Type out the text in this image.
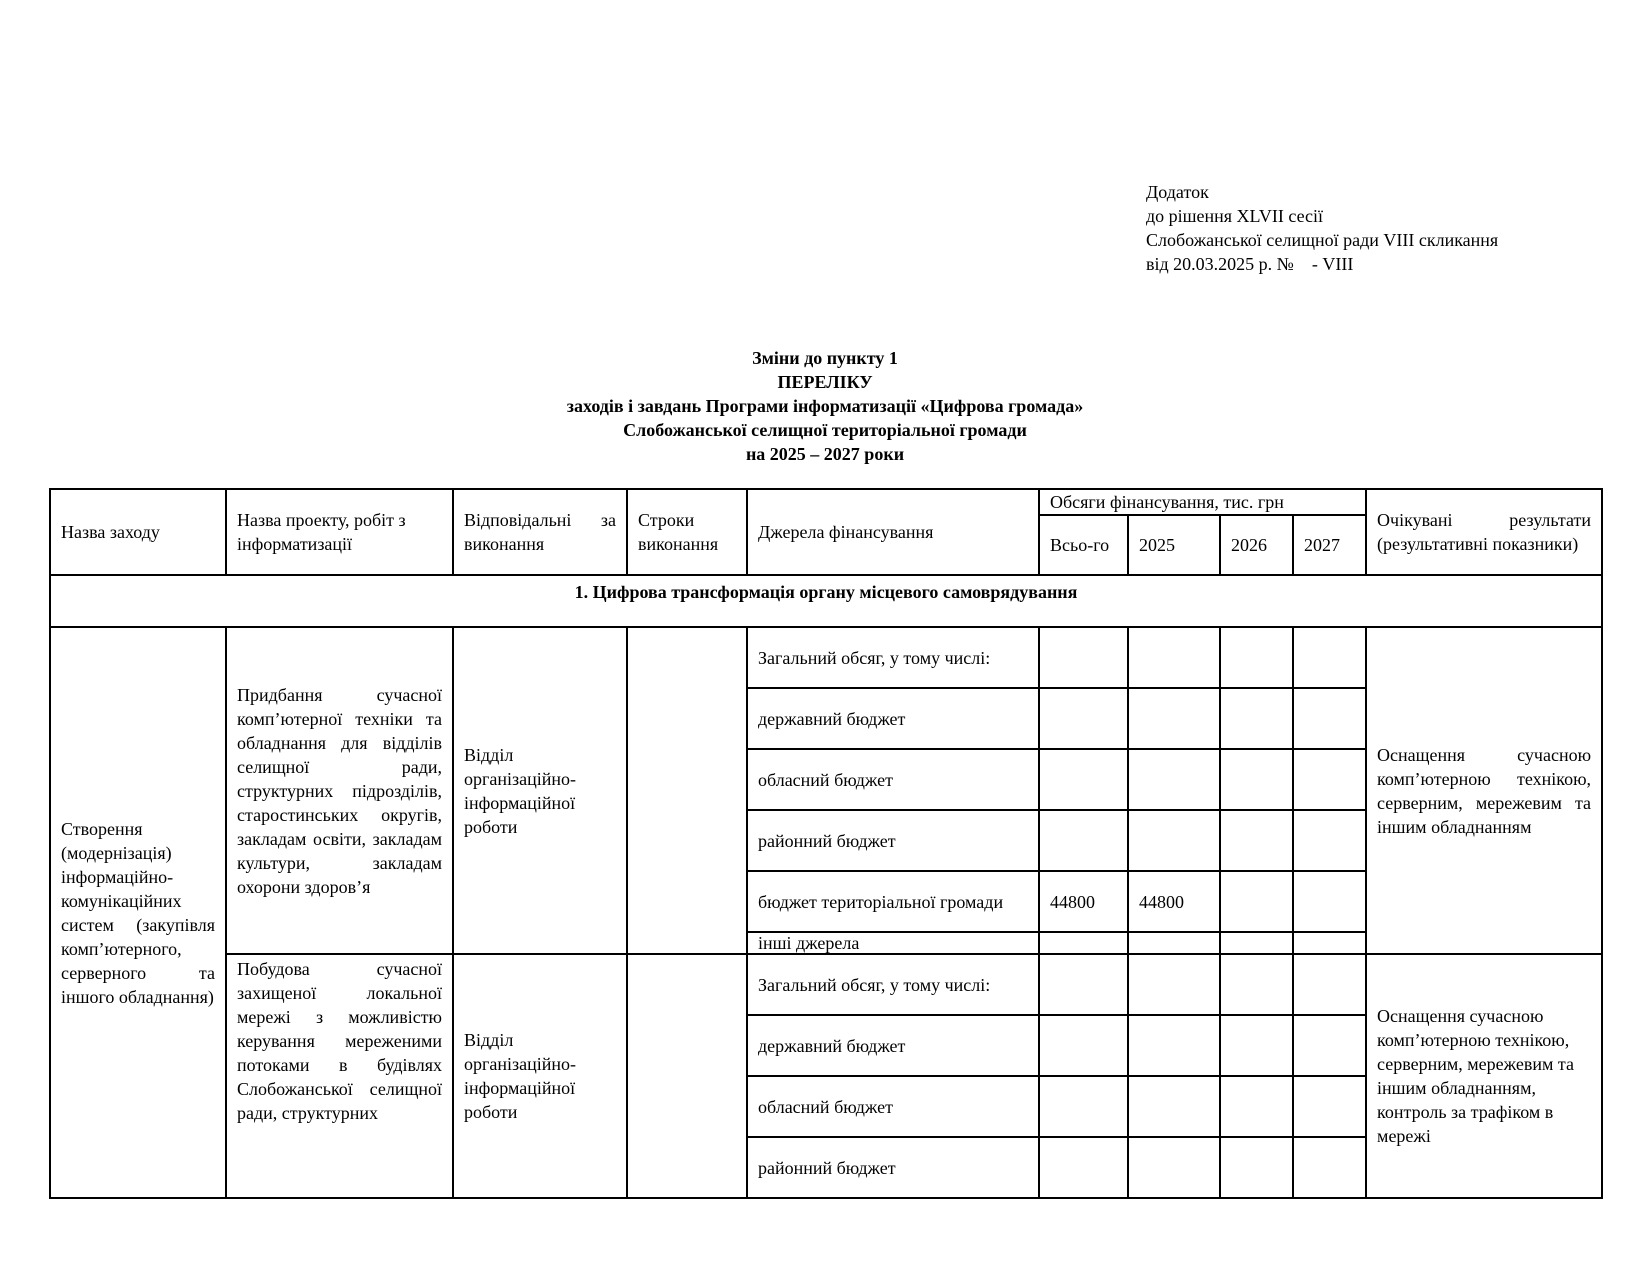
Додаток
до рішення XLVII сесії
Слобожанської селищної ради VIII скликання
від 20.03.2025 р. №    - VIII
Зміни до пункту 1
ПЕРЕЛІКУ
заходів і завдань Програми інформатизації «Цифрова громада»
Слобожанської селищної територіальної громади
на 2025 – 2027 роки
Назва заходу	Назва проекту, робіт з інформатизації	Відповідальні за виконання	Строки виконання	Джерела фінансування	Обсяги фінансування, тис. грн				Очікувані результати (результативні показники)
					Всьо-го	2025	2026	2027	
1. Цифрова трансформація органу місцевого самоврядування									
Створення (модернізація) інформаційно-комунікаційних систем (закупівля комп’ютерного, серверного та іншого обладнання)	Придбання сучасної комп’ютерної техніки та обладнання для відділів селищної ради, структурних підрозділів, старостинських округів, закладам освіти, закладам культури, закладам охорони здоров’я	Відділ організаційно-інформаційної роботи		Загальний обсяг, у тому числі:					Оснащення сучасною комп’ютерною технікою, серверним, мережевим та іншим обладнанням
				державний бюджет					
				обласний бюджет					
				районний бюджет					
				бюджет територіальної громади	44800	44800			
				інші джерела					
	Побудова сучасної захищеної локальної мережі з можливістю керування мереженими потоками в будівлях Слобожанської селищної ради, структурних	Відділ організаційно-інформаційної роботи		Загальний обсяг, у тому числі:					Оснащення сучасною комп’ютерною технікою, серверним, мережевим та іншим обладнанням, контроль за трафіком в мережі
				державний бюджет					
				обласний бюджет					
				районний бюджет					
